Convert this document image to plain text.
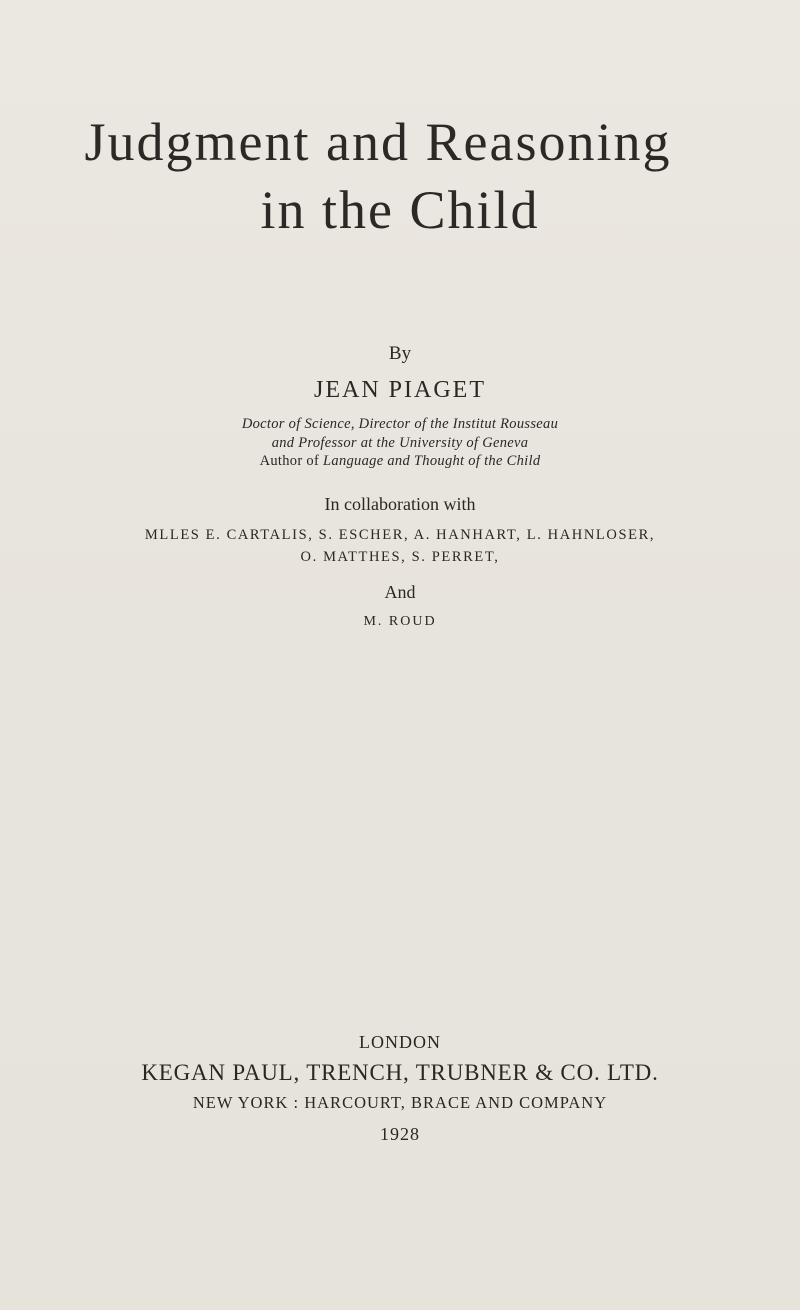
Judgment and Reasoning
in the Child

By

JEAN PIAGET

Doctor of Science, Director of the Institut Rousseau

and Professor at the University of Geneva

Author of Language and Thought of the Child

In collaboration with

MLLES E. CARTALIS, S. ESCHER, A. HANHART, L. HAHNLOSER,

O. MATTHES, S. PERRET,

And

M. ROUD

LONDON

KEGAN PAUL, TRENCH, TRUBNER & CO. LTD.

NEW YORK : HARCOURT, BRACE AND COMPANY

1928
